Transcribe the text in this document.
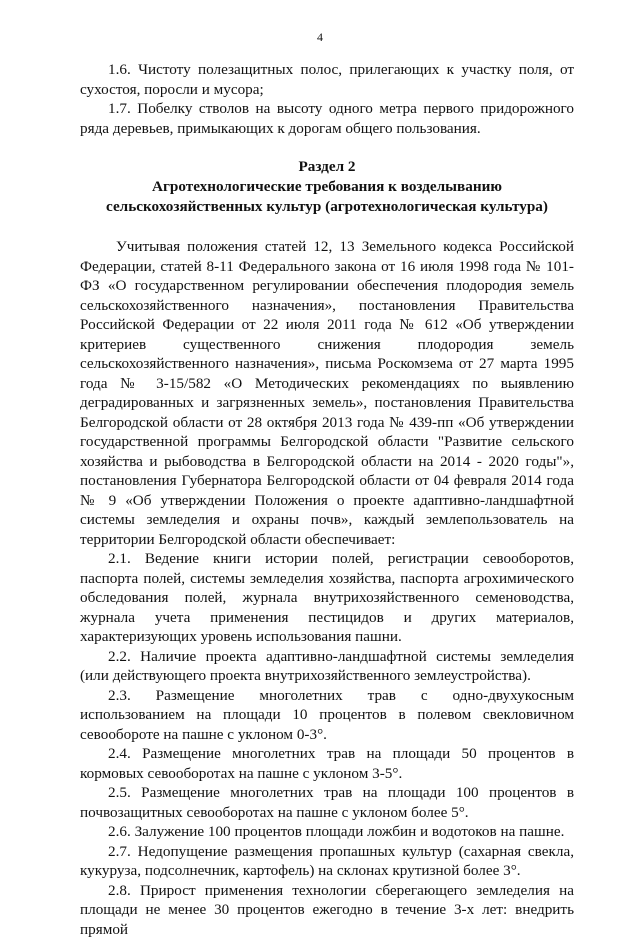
4

1.6. Чистоту полезащитных полос, прилегающих к участку поля, от сухостоя, поросли и мусора;

1.7. Побелку стволов на высоту одного метра первого придорожного ряда деревьев, примыкающих к дорогам общего пользования.

Раздел 2
Агротехнологические требования к возделыванию
сельскохозяйственных культур (агротехнологическая культура)

Учитывая положения статей 12, 13 Земельного кодекса Российской Федерации, статей 8-11 Федерального закона от 16 июля 1998 года № 101-ФЗ «О государственном регулировании обеспечения плодородия земель сельскохозяйственного назначения», постановления Правительства Российской Федерации от 22 июля 2011 года № 612 «Об утверждении критериев существенного снижения плодородия земель сельскохозяйственного назначения», письма Роскомзема от 27 марта 1995 года № 3-15/582 «О Методических рекомендациях по выявлению деградированных и загрязненных земель», постановления Правительства Белгородской области от 28 октября 2013 года № 439-пп «Об утверждении государственной программы Белгородской области "Развитие сельского хозяйства и рыбоводства в Белгородской области на 2014 - 2020 годы"», постановления Губернатора Белгородской области от 04 февраля 2014 года № 9 «Об утверждении Положения о проекте адаптивно-ландшафтной системы земледелия и охраны почв», каждый землепользователь на территории Белгородской области обеспечивает:

2.1. Ведение книги истории полей, регистрации севооборотов, паспорта полей, системы земледелия хозяйства, паспорта агрохимического обследования полей, журнала внутрихозяйственного семеноводства, журнала учета применения пестицидов и других материалов, характеризующих уровень использования пашни.

2.2. Наличие проекта адаптивно-ландшафтной системы земледелия (или действующего проекта внутрихозяйственного землеустройства).

2.3. Размещение многолетних трав с одно-двухукосным использованием на площади 10 процентов в полевом свекловичном севообороте на пашне с уклоном 0-3°.

2.4. Размещение многолетних трав на площади 50 процентов в кормовых севооборотах на пашне с уклоном 3-5°.

2.5. Размещение многолетних трав на площади 100 процентов в почвозащитных севооборотах на пашне с уклоном более 5°.

2.6. Залужение 100 процентов площади ложбин и водотоков на пашне.

2.7. Недопущение размещения пропашных культур (сахарная свекла, кукуруза, подсолнечник, картофель) на склонах крутизной более 3°.

2.8. Прирост применения технологии сберегающего земледелия на площади не менее 30 процентов ежегодно в течение 3-х лет: внедрить прямой
